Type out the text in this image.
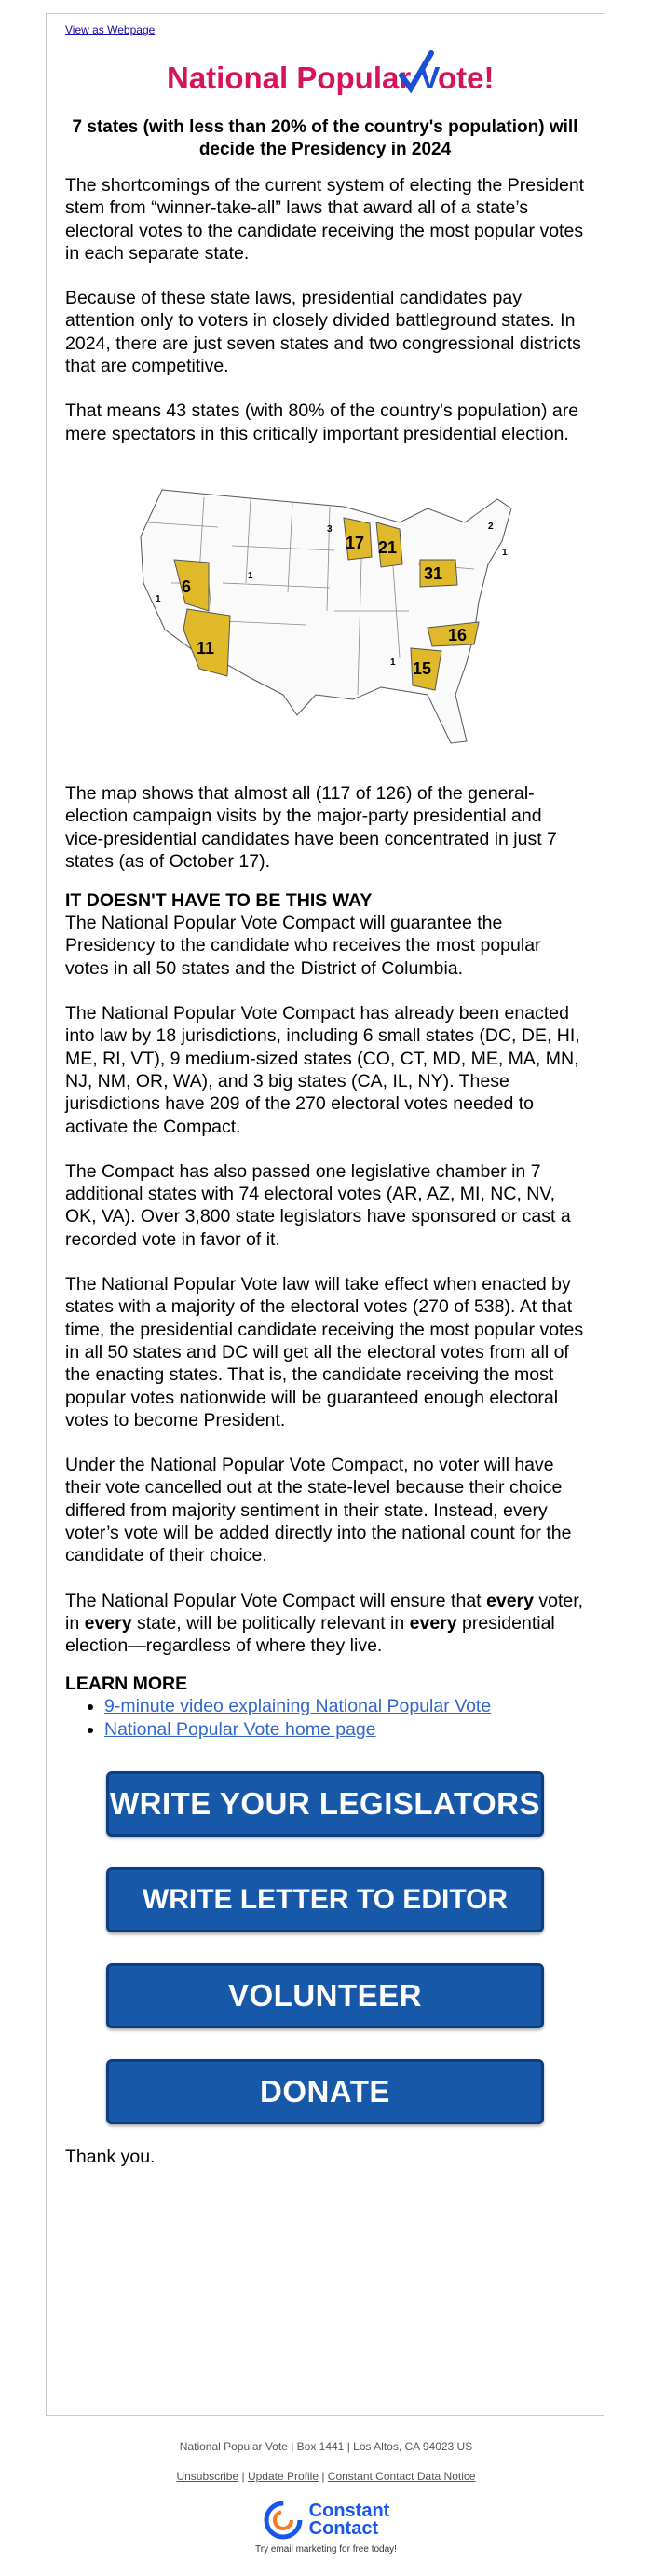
View as Webpage
National Popular Vote!
7 states (with less than 20% of the country's population) will decide the Presidency in 2024

The shortcomings of the current system of electing the President stem from “winner-take-all” laws that award all of a state’s electoral votes to the candidate receiving the most popular votes in each separate state.

Because of these state laws, presidential candidates pay attention only to voters in closely divided battleground states. In 2024, there are just seven states and two congressional districts that are competitive.

That means 43 states (with 80% of the country's population) are mere spectators in this critically important presidential election.

6
11
17 21
31
16
15
3
1
1
1
2
1

The map shows that almost all (117 of 126) of the general-election campaign visits by the major-party presidential and vice-presidential candidates have been concentrated in just 7 states (as of October 17).

IT DOESN'T HAVE TO BE THIS WAY

The National Popular Vote Compact will guarantee the Presidency to the candidate who receives the most popular votes in all 50 states and the District of Columbia.

The National Popular Vote Compact has already been enacted into law by 18 jurisdictions, including 6 small states (DC, DE, HI, ME, RI, VT), 9 medium-sized states (CO, CT, MD, ME, MA, MN, NJ, NM, OR, WA), and 3 big states (CA, IL, NY). These jurisdictions have 209 of the 270 electoral votes needed to activate the Compact.

The Compact has also passed one legislative chamber in 7 additional states with 74 electoral votes (AR, AZ, MI, NC, NV, OK, VA). Over 3,800 state legislators have sponsored or cast a recorded vote in favor of it.

The National Popular Vote law will take effect when enacted by states with a majority of the electoral votes (270 of 538). At that time, the presidential candidate receiving the most popular votes in all 50 states and DC will get all the electoral votes from all of the enacting states. That is, the candidate receiving the most popular votes nationwide will be guaranteed enough electoral votes to become President.

Under the National Popular Vote Compact, no voter will have their vote cancelled out at the state-level because their choice differed from majority sentiment in their state. Instead, every voter’s vote will be added directly into the national count for the candidate of their choice.

The National Popular Vote Compact will ensure that every voter, in every state, will be politically relevant in every presidential election—regardless of where they live.

LEARN MORE
• 9-minute video explaining National Popular Vote
• National Popular Vote home page
WRITE YOUR LEGISLATORS
WRITE LETTER TO EDITOR
VOLUNTEER
DONATE
Thank you.
National Popular Vote | Box 1441 | Los Altos, CA 94023 US
Unsubscribe | Update Profile | Constant Contact Data Notice
Constant
Contact
Try email marketing for free today!
